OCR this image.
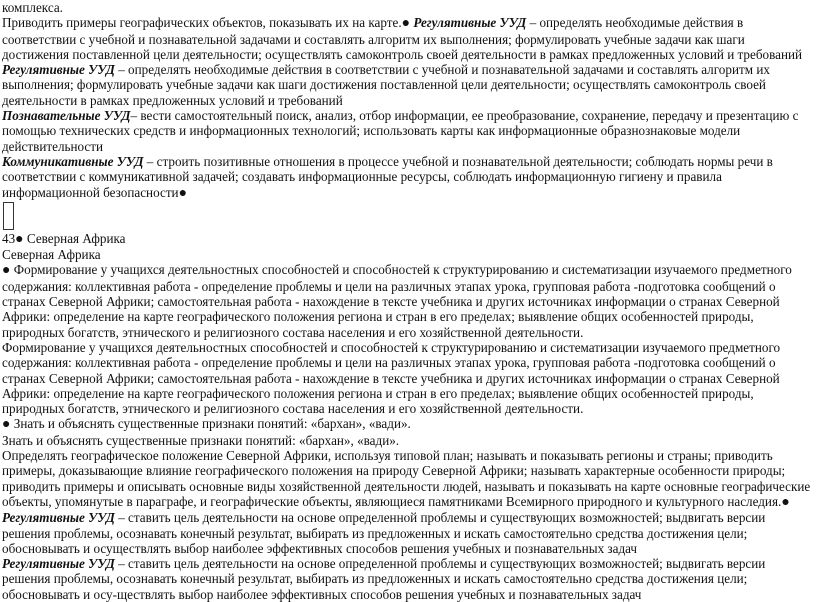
комплекса.

Приводить примеры географических объектов, показывать их на карте.● Регулятивные УУД – определять необходимые действия в соответствии с учебной и познавательной задачами и составлять алгоритм их выполнения; формулировать учебные задачи как шаги достижения поставленной цели деятельности; осуществлять самоконтроль своей деятельности в рамках предложенных условий и требований

Регулятивные УУД – определять необходимые действия в соответствии с учебной и познавательной задачами и составлять алгоритм их выполнения; формулировать учебные задачи как шаги достижения поставленной цели деятельности; осуществлять самоконтроль своей деятельности в рамках предложенных условий и требований

Познавательные УУД– вести самостоятельный поиск, анализ, отбор информации, ее преобразование, сохранение, передачу и презентацию с помощью технических средств и информационных технологий; использовать карты как информационные образнознаковые модели действительности

Коммуникативные УУД – строить позитивные отношения в процессе учебной и познавательной деятельности; соблюдать нормы речи в соответствии с коммуникативной задачей; создавать информационные ресурсы, соблюдать информационную гигиену и правила информационной безопасности●

43● Северная Африка

Северная Африка

● Формирование у учащихся деятельностных способностей и способностей к структурированию и систематизации изучаемого предметного содержания: коллективная работа - определение проблемы и цели на различных этапах урока, групповая работа -подготовка сообщений о странах Северной Африки; самостоятельная работа - нахождение в тексте учебника и других источниках информации о странах Северной Африки: определение на карте географического положения региона и стран в его пределах; выявление общих особенностей природы, природных богатств, этнического и религиозного состава населения и его хозяйственной деятельности.

Формирование у учащихся деятельностных способностей и способностей к структурированию и систематизации изучаемого предметного содержания: коллективная работа - определение проблемы и цели на различных этапах урока, групповая работа -подготовка сообщений о странах Северной Африки; самостоятельная работа - нахождение в тексте учебника и других источниках информации о странах Северной Африки: определение на карте географического положения региона и стран в его пределах; выявление общих особенностей природы, природных богатств, этнического и религиозного состава населения и его хозяйственной деятельности.

● Знать и объяснять существенные признаки понятий: «бархан», «вади».

Знать и объяснять существенные признаки понятий: «бархан», «вади».

Определять географическое положение Северной Африки, используя типовой план; называть и показывать регионы и страны; приводить примеры, доказывающие влияние географического положения на природу Северной Африки; называть характерные особенности природы; приводить примеры и описывать основные виды хозяйственной деятельности людей, называть и показывать на карте основные географические объекты, упомянутые в параграфе, и географические объекты, являющиеся памятниками Всемирного природного и культурного наследия.● Регулятивные УУД – ставить цель деятельности на основе определенной проблемы и существующих возможностей; выдвигать версии решения проблемы, осознавать конечный результат, выбирать из предложенных и искать самостоятельно средства достижения цели; обосновывать и осуществлять выбор наиболее эффективных способов решения учебных и познавательных задач

Регулятивные УУД – ставить цель деятельности на основе определенной проблемы и существующих возможностей; выдвигать версии решения проблемы, осознавать конечный результат, выбирать из предложенных и искать самостоятельно средства достижения цели; обосновывать и осу-ществлять выбор наиболее эффективных способов решения учебных и познавательных задач
